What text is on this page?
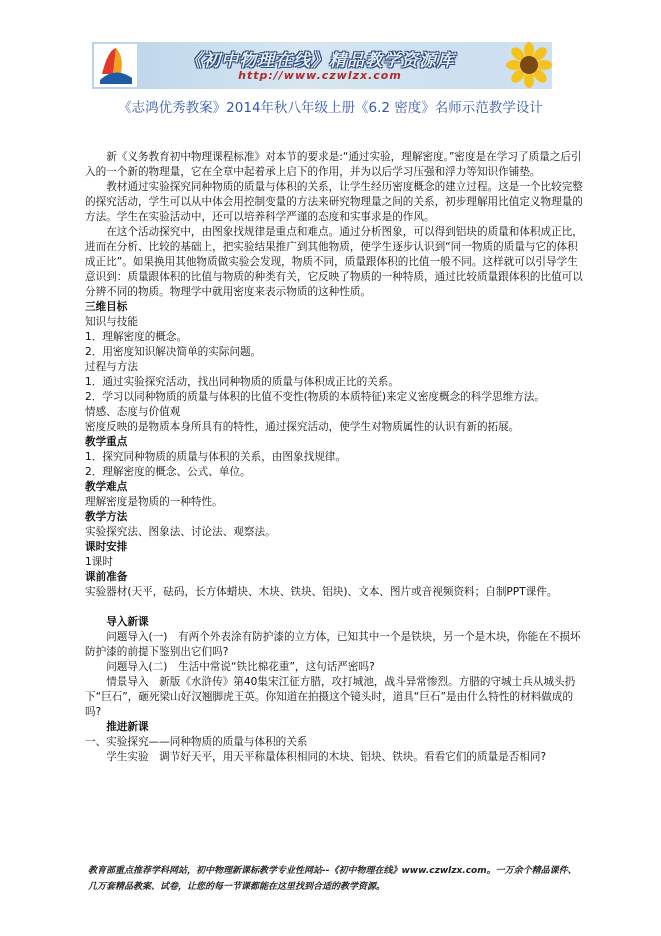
《初中物理在线》精品教学资源库
http://www.czwlzx.com
《志鸿优秀教案》2014年秋八年级上册《6.2 密度》名师示范教学设计

新《义务教育初中物理课程标准》对本节的要求是:“通过实验，理解密度。”密度是在学习了质量之后引入的一个新的物理量，它在全章中起着承上启下的作用，并为以后学习压强和浮力等知识作铺垫。

教材通过实验探究同种物质的质量与体积的关系，让学生经历密度概念的建立过程。这是一个比较完整的探究活动，学生可以从中体会用控制变量的方法来研究物理量之间的关系，初步理解用比值定义物理量的方法。学生在实验活动中，还可以培养科学严谨的态度和实事求是的作风。

在这个活动探究中，由图象找规律是重点和难点。通过分析图象，可以得到铝块的质量和体积成正比，进而在分析、比较的基础上，把实验结果推广到其他物质，使学生逐步认识到“同一物质的质量与它的体积成正比”。如果换用其他物质做实验会发现，物质不同，质量跟体积的比值一般不同。这样就可以引导学生意识到：质量跟体积的比值与物质的种类有关，它反映了物质的一种特质，通过比较质量跟体积的比值可以分辨不同的物质。物理学中就用密度来表示物质的这种性质。

三维目标

知识与技能

1．理解密度的概念。

2．用密度知识解决简单的实际问题。

过程与方法

1．通过实验探究活动，找出同种物质的质量与体积成正比的关系。

2．学习以同种物质的质量与体积的比值不变性(物质的本质特征)来定义密度概念的科学思维方法。

情感、态度与价值观

密度反映的是物质本身所具有的特性，通过探究活动，使学生对物质属性的认识有新的拓展。

教学重点

1．探究同种物质的质量与体积的关系，由图象找规律。

2．理解密度的概念、公式、单位。

教学难点

理解密度是物质的一种特性。

教学方法

实验探究法、图象法、讨论法、观察法。

课时安排

1课时

课前准备

实验器材(天平，砝码，长方体蜡块、木块、铁块、铝块)、文本、图片或音视频资料；自制PPT课件。

导入新课

问题导入(一)　有两个外表涂有防护漆的立方体，已知其中一个是铁块，另一个是木块，你能在不损坏防护漆的前提下鉴别出它们吗?

问题导入(二)　生活中常说“铁比棉花重”，这句话严密吗?

情景导入　新版《水浒传》第40集宋江征方腊，攻打城池，战斗异常惨烈。方腊的守城士兵从城头扔下“巨石”，砸死梁山好汉翘脚虎王英。你知道在拍摄这个镜头时，道具“巨石”是由什么特性的材料做成的吗?

推进新课

一、实验探究——同种物质的质量与体积的关系

学生实验　调节好天平，用天平称量体积相同的木块、铝块、铁块。看看它们的质量是否相同?

教育部重点推荐学科网站，初中物理新课标教学专业性网站--《初中物理在线》www.czwlzx.com。一万余个精品课件、几万套精品教案、试卷，让您的每一节课都能在这里找到合适的教学资源。
